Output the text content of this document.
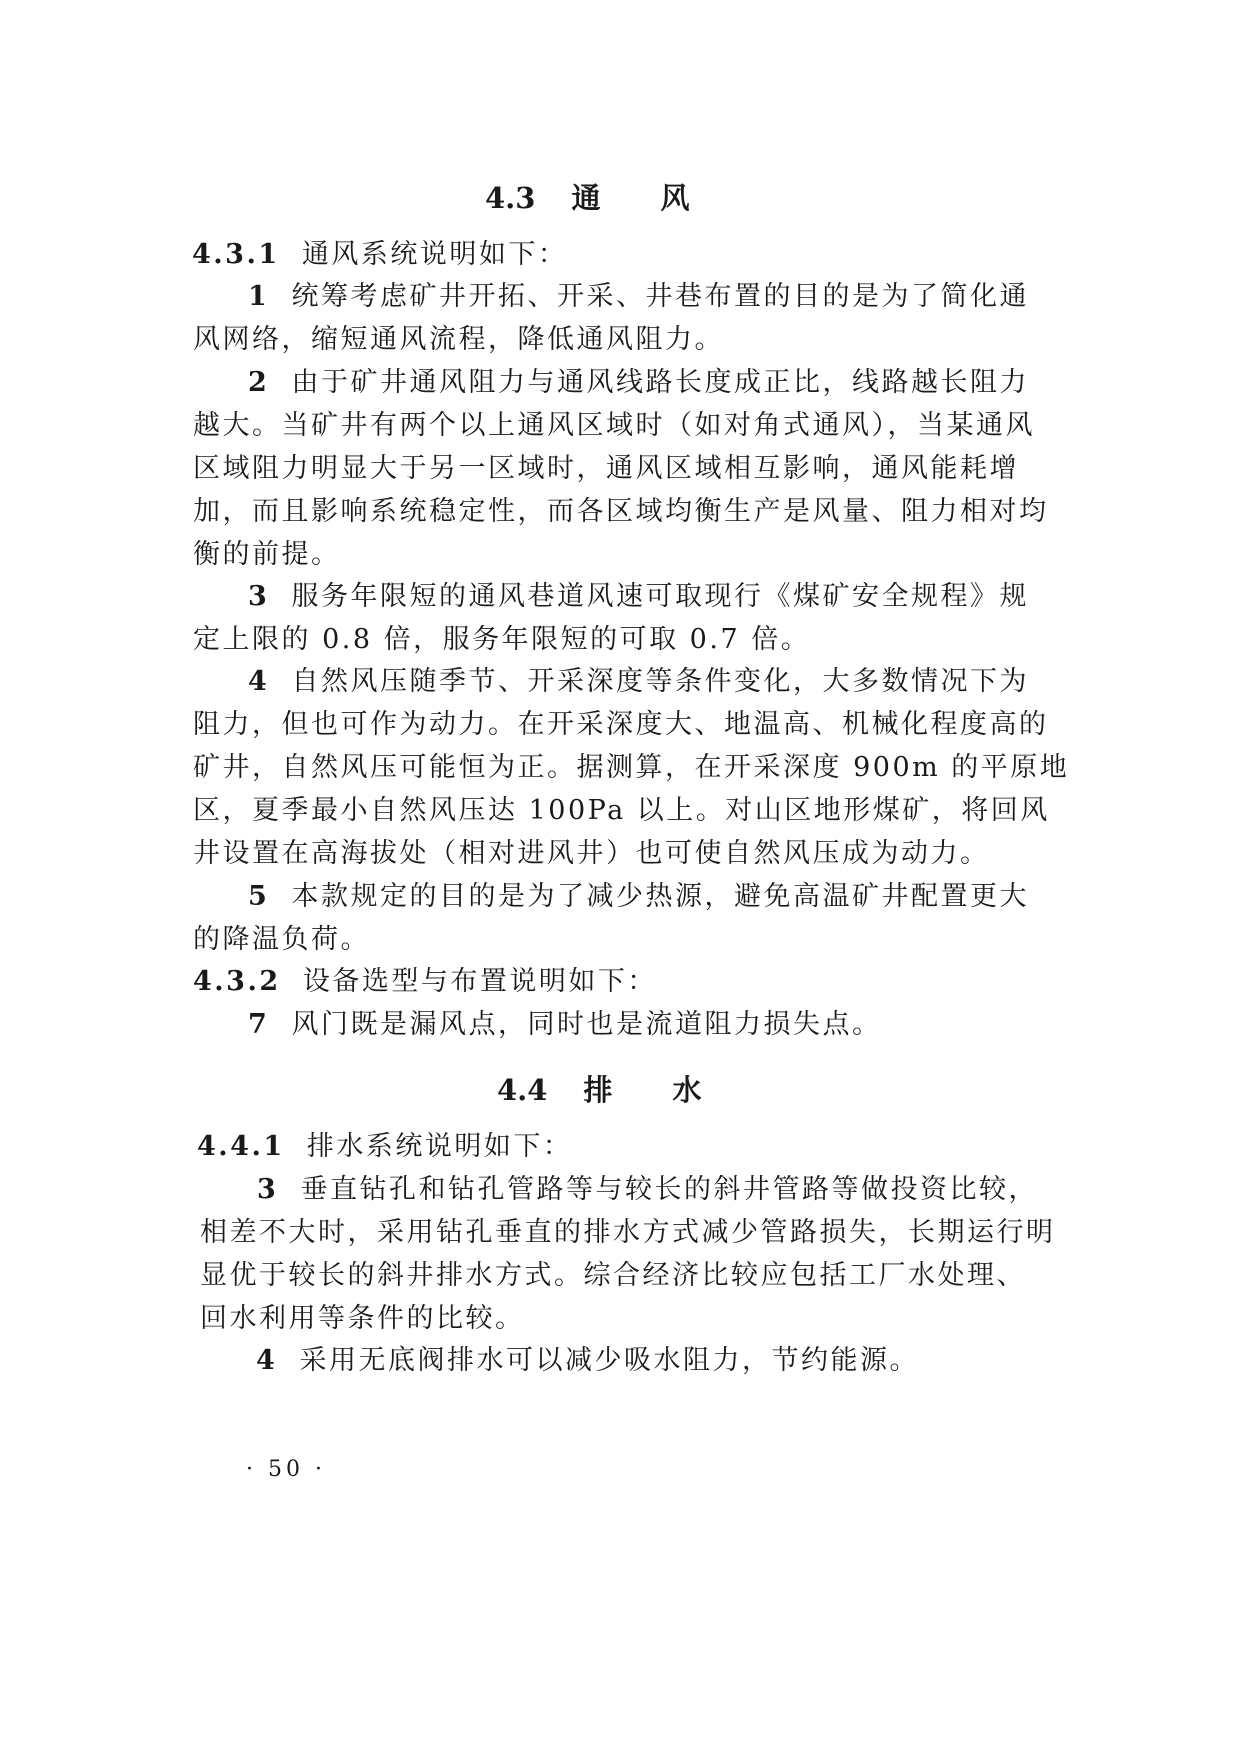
4.3 通 风
4.3.1 通风系统说明如下：
1 统筹考虑矿井开拓、开采、井巷布置的目的是为了简化通
风网络，缩短通风流程，降低通风阻力。
2 由于矿井通风阻力与通风线路长度成正比，线路越长阻力
越大。当矿井有两个以上通风区域时（如对角式通风），当某通风
区域阻力明显大于另一区域时，通风区域相互影响，通风能耗增
加，而且影响系统稳定性，而各区域均衡生产是风量、阻力相对均
衡的前提。
3 服务年限短的通风巷道风速可取现行《煤矿安全规程》规
定上限的 0.8 倍，服务年限短的可取 0.7 倍。
4 自然风压随季节、开采深度等条件变化，大多数情况下为
阻力，但也可作为动力。在开采深度大、地温高、机械化程度高的
矿井，自然风压可能恒为正。据测算，在开采深度 900m 的平原地
区，夏季最小自然风压达 100Pa 以上。对山区地形煤矿，将回风
井设置在高海拔处（相对进风井）也可使自然风压成为动力。
5 本款规定的目的是为了减少热源，避免高温矿井配置更大
的降温负荷。
4.3.2 设备选型与布置说明如下：
7 风门既是漏风点，同时也是流道阻力损失点。
4.4 排 水
4.4.1 排水系统说明如下：
3 垂直钻孔和钻孔管路等与较长的斜井管路等做投资比较，
相差不大时，采用钻孔垂直的排水方式减少管路损失，长期运行明
显优于较长的斜井排水方式。综合经济比较应包括工厂水处理、
回水利用等条件的比较。
4 采用无底阀排水可以减少吸水阻力，节约能源。
· 50 ·
